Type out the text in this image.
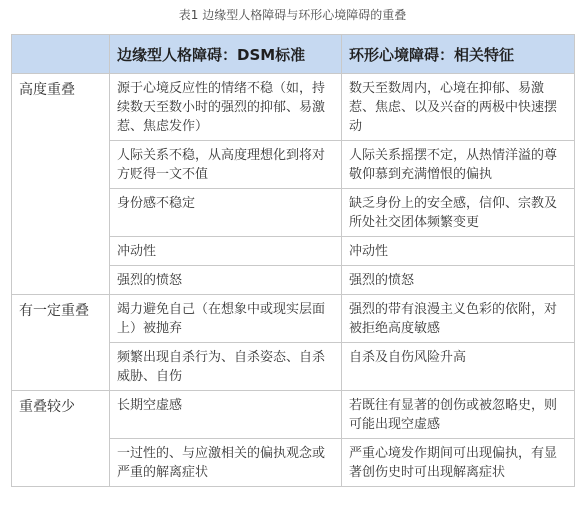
表1 边缘型人格障碍与环形心境障碍的重叠
	边缘型人格障碍：DSM标准	环形心境障碍：相关特征
高度重叠	源于心境反应性的情绪不稳（如，持续数天至数小时的强烈的抑郁、易激惹、焦虑发作）	数天至数周内，心境在抑郁、易激惹、焦虑、以及兴奋的两极中快速摆动
	人际关系不稳，从高度理想化到将对方贬得一文不值	人际关系摇摆不定，从热情洋溢的尊敬仰慕到充满憎恨的偏执
	身份感不稳定	缺乏身份上的安全感，信仰、宗教及所处社交团体频繁变更
	冲动性	冲动性
	强烈的愤怒	强烈的愤怒
有一定重叠	竭力避免自己（在想象中或现实层面上）被抛弃	强烈的带有浪漫主义色彩的依附，对被拒绝高度敏感
	频繁出现自杀行为、自杀姿态、自杀威胁、自伤	自杀及自伤风险升高
重叠较少	长期空虚感	若既往有显著的创伤或被忽略史，则可能出现空虚感
	一过性的、与应激相关的偏执观念或严重的解离症状	严重心境发作期间可出现偏执，有显著创伤史时可出现解离症状
